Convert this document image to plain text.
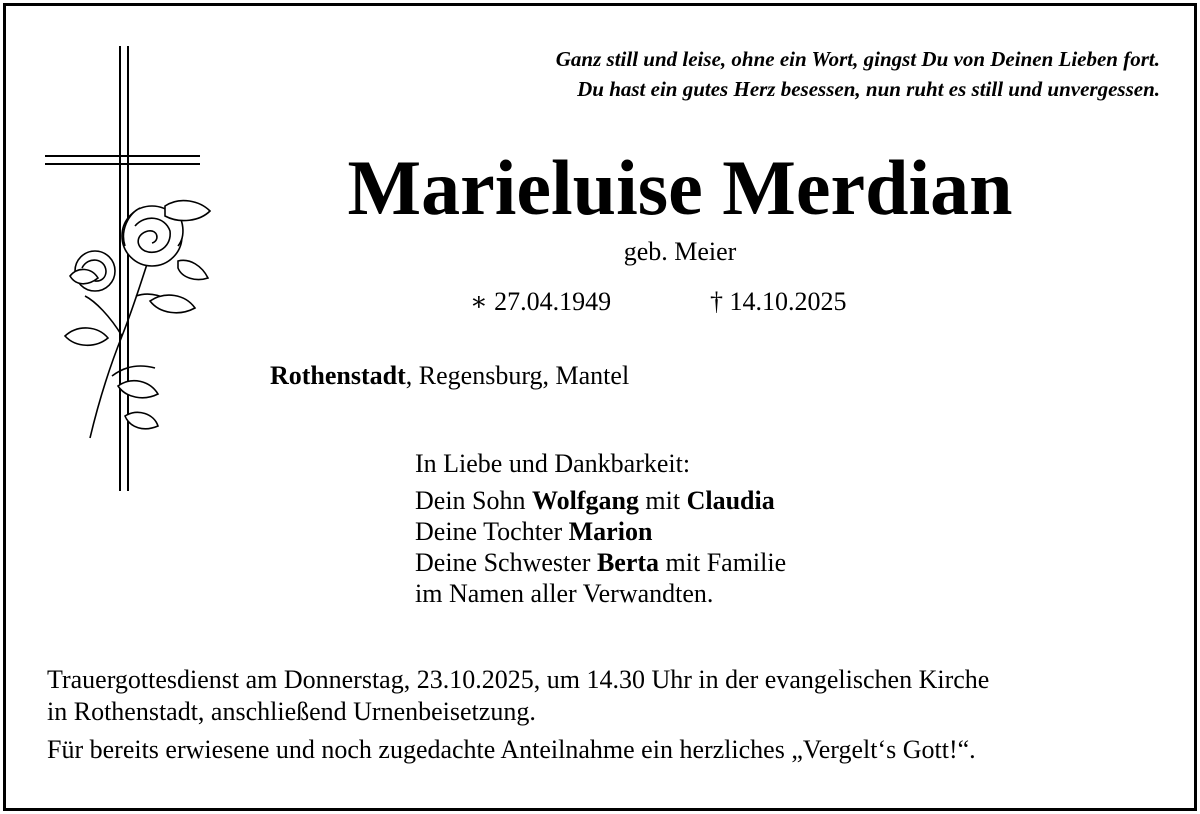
Ganz still und leise, ohne ein Wort, gingst Du von Deinen Lieben fort.
Du hast ein gutes Herz besessen, nun ruht es still und unvergessen.
Marieluise Merdian
geb. Meier
∗ 27.04.1949	† 14.10.2025
Rothenstadt, Regensburg, Mantel
In Liebe und Dankbarkeit:
Dein Sohn Wolfgang mit Claudia
Deine Tochter Marion
Deine Schwester Berta mit Familie
im Namen aller Verwandten.
Trauergottesdienst am Donnerstag, 23.10.2025, um 14.30 Uhr in der evangelischen Kirche
in Rothenstadt, anschließend Urnenbeisetzung.
Für bereits erwiesene und noch zugedachte Anteilnahme ein herzliches „Vergelt‘s Gott!“.
